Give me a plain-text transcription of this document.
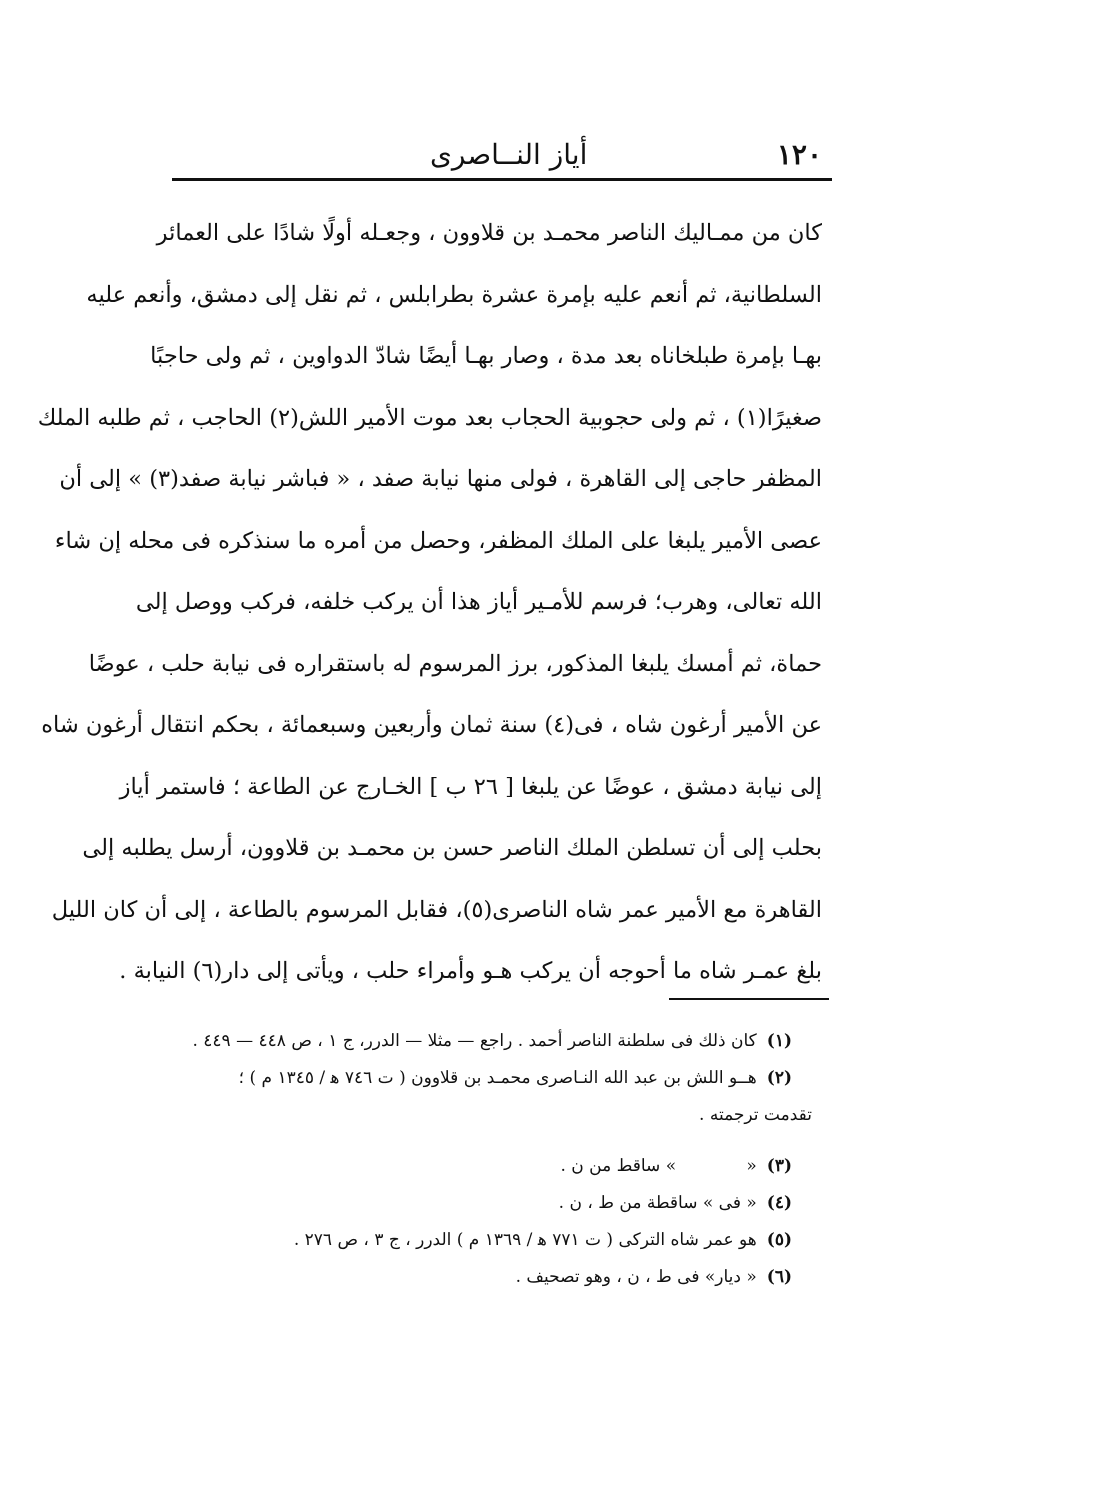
١٢٠
أياز النــاصرى
كان من ممـاليك الناصر محمـد بن قلاوون ، وجعـله أولًا شادًا على العمائر
السلطانية، ثم أنعم عليه بإمرة عشرة بطرابلس ، ثم نقل إلى دمشق، وأنعم عليه
بهـا بإمرة طبلخاناه بعد مدة ، وصار بهـا أيضًا شادّ الدواوين ، ثم ولى حاجبًا
صغيرًا(١) ، ثم ولى حجوبية الحجاب بعد موت الأمير اللش(٢) الحاجب ، ثم طلبه الملك
المظفر حاجى إلى القاهرة ، فولى منها نيابة صفد ، « فباشر نيابة صفد(٣) » إلى أن
عصى الأمير يلبغا على الملك المظفر، وحصل من أمره ما سنذكره فى محله إن شاء
الله تعالى، وهرب؛ فرسم للأمـير أياز هذا أن يركب خلفه، فركب ووصل إلى
حماة، ثم أمسك يلبغا المذكور، برز المرسوم له باستقراره فى نيابة حلب ، عوضًا
عن الأمير أرغون شاه ، فى(٤) سنة ثمان وأربعين وسبعمائة ، بحكم انتقال أرغون شاه
إلى نيابة دمشق ، عوضًا عن يلبغا [ ٢٦ ب ] الخـارج عن الطاعة ؛ فاستمر أياز
بحلب إلى أن تسلطن الملك الناصر حسن بن محمـد بن قلاوون، أرسل يطلبه إلى
القاهرة مع الأمير عمر شاه الناصرى(٥)، فقابل المرسوم بالطاعة ، إلى أن كان الليل
بلغ عمـر شاه ما أحوجه أن يركب هـو وأمراء حلب ، ويأتى إلى دار(٦) النيابة .
(١)كان ذلك فى سلطنة الناصر أحمد . راجع — مثلا — الدرر، ج ١ ، ص ٤٤٨ — ٤٤٩ .
(٢)هــو اللش بن عبد الله النـاصرى محمـد بن قلاوون ( ت ٧٤٦ ﻫ / ١٣٤٥ م ) ؛
تقدمت ترجمته .
(٣)«             » ساقط من ن .
(٤)« فى » ساقطة من ط ، ن .
(٥)هو عمر شاه التركى ( ت ٧٧١ ﻫ / ١٣٦٩ م ) الدرر ، ج ٣ ، ص ٢٧٦ .
(٦)« ديار» فى ط ، ن ، وهو تصحيف .
